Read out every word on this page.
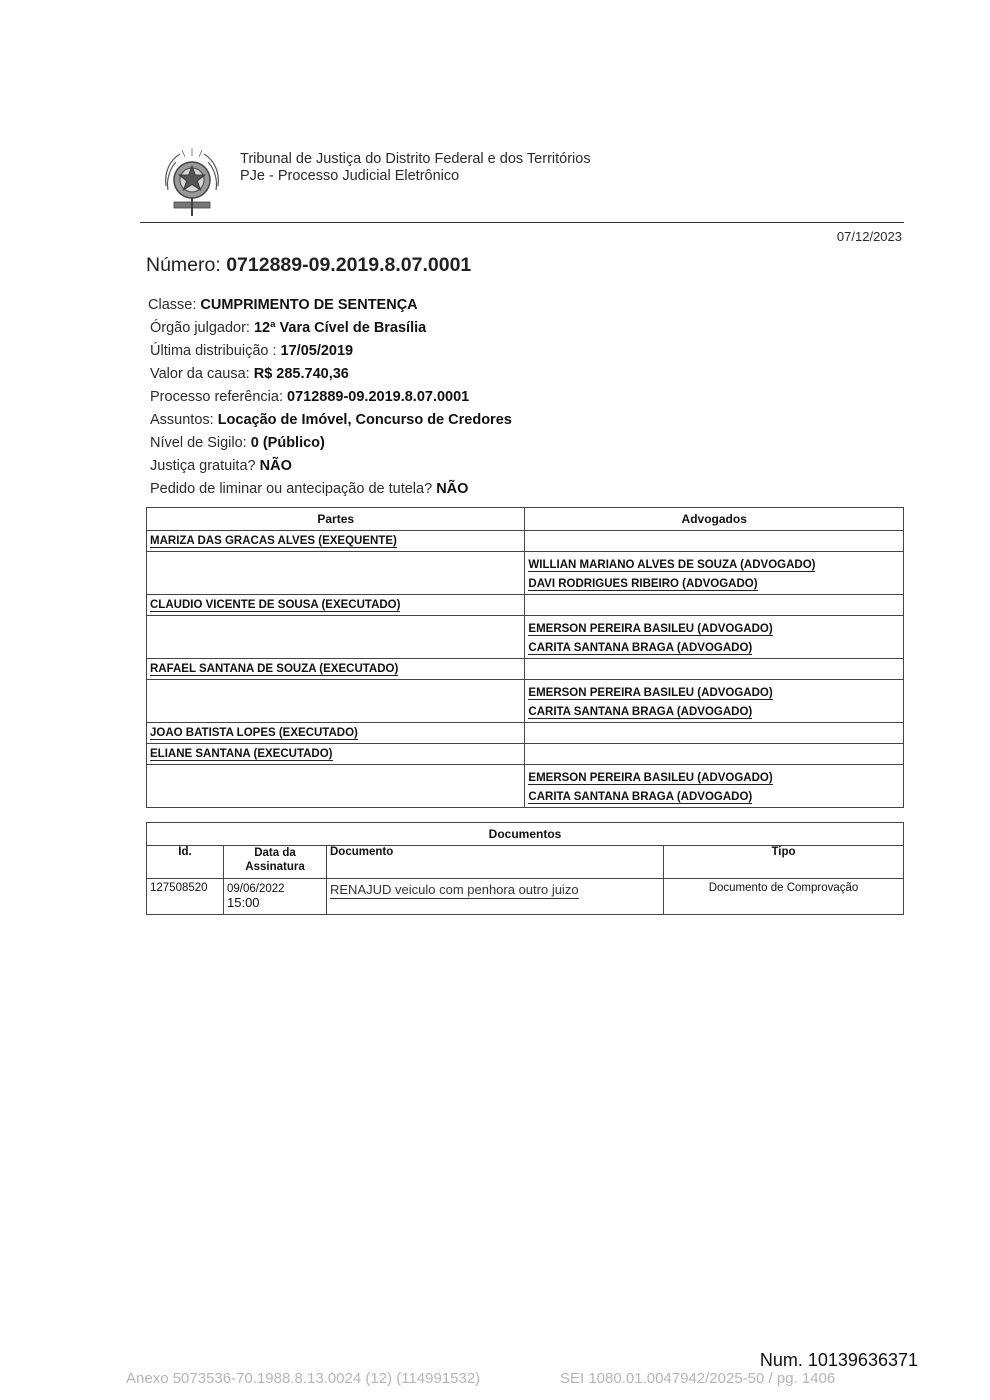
Tribunal de Justiça do Distrito Federal e dos Territórios
PJe - Processo Judicial Eletrônico
07/12/2023
Número: 0712889-09.2019.8.07.0001
Classe: CUMPRIMENTO DE SENTENÇA
Órgão julgador: 12ª Vara Cível de Brasília
Última distribuição : 17/05/2019
Valor da causa: R$ 285.740,36
Processo referência: 0712889-09.2019.8.07.0001
Assuntos: Locação de Imóvel, Concurso de Credores
Nível de Sigilo: 0 (Público)
Justiça gratuita? NÃO
Pedido de liminar ou antecipação de tutela? NÃO
Partes	Advogados

MARIZA DAS GRACAS ALVES (EXEQUENTE)	

	WILLIAN MARIANO ALVES DE SOUZA (ADVOGADO)
DAVI RODRIGUES RIBEIRO (ADVOGADO)

CLAUDIO VICENTE DE SOUSA (EXECUTADO)	

	EMERSON PEREIRA BASILEU (ADVOGADO)
CARITA SANTANA BRAGA (ADVOGADO)

RAFAEL SANTANA DE SOUZA (EXECUTADO)	

	EMERSON PEREIRA BASILEU (ADVOGADO)
CARITA SANTANA BRAGA (ADVOGADO)

JOAO BATISTA LOPES (EXECUTADO)	

ELIANE SANTANA (EXECUTADO)	

	EMERSON PEREIRA BASILEU (ADVOGADO)
CARITA SANTANA BRAGA (ADVOGADO)
Documentos			
Id.	Data da Assinatura	Documento	Tipo
127508520	09/06/2022
15:00	RENAJUD veiculo com penhora outro juizo	Documento de Comprovação
Num. 10139636371
Anexo 5073536-70.1988.8.13.0024 (12) (114991532)	SEI 1080.01.0047942/2025-50 / pg. 1406
